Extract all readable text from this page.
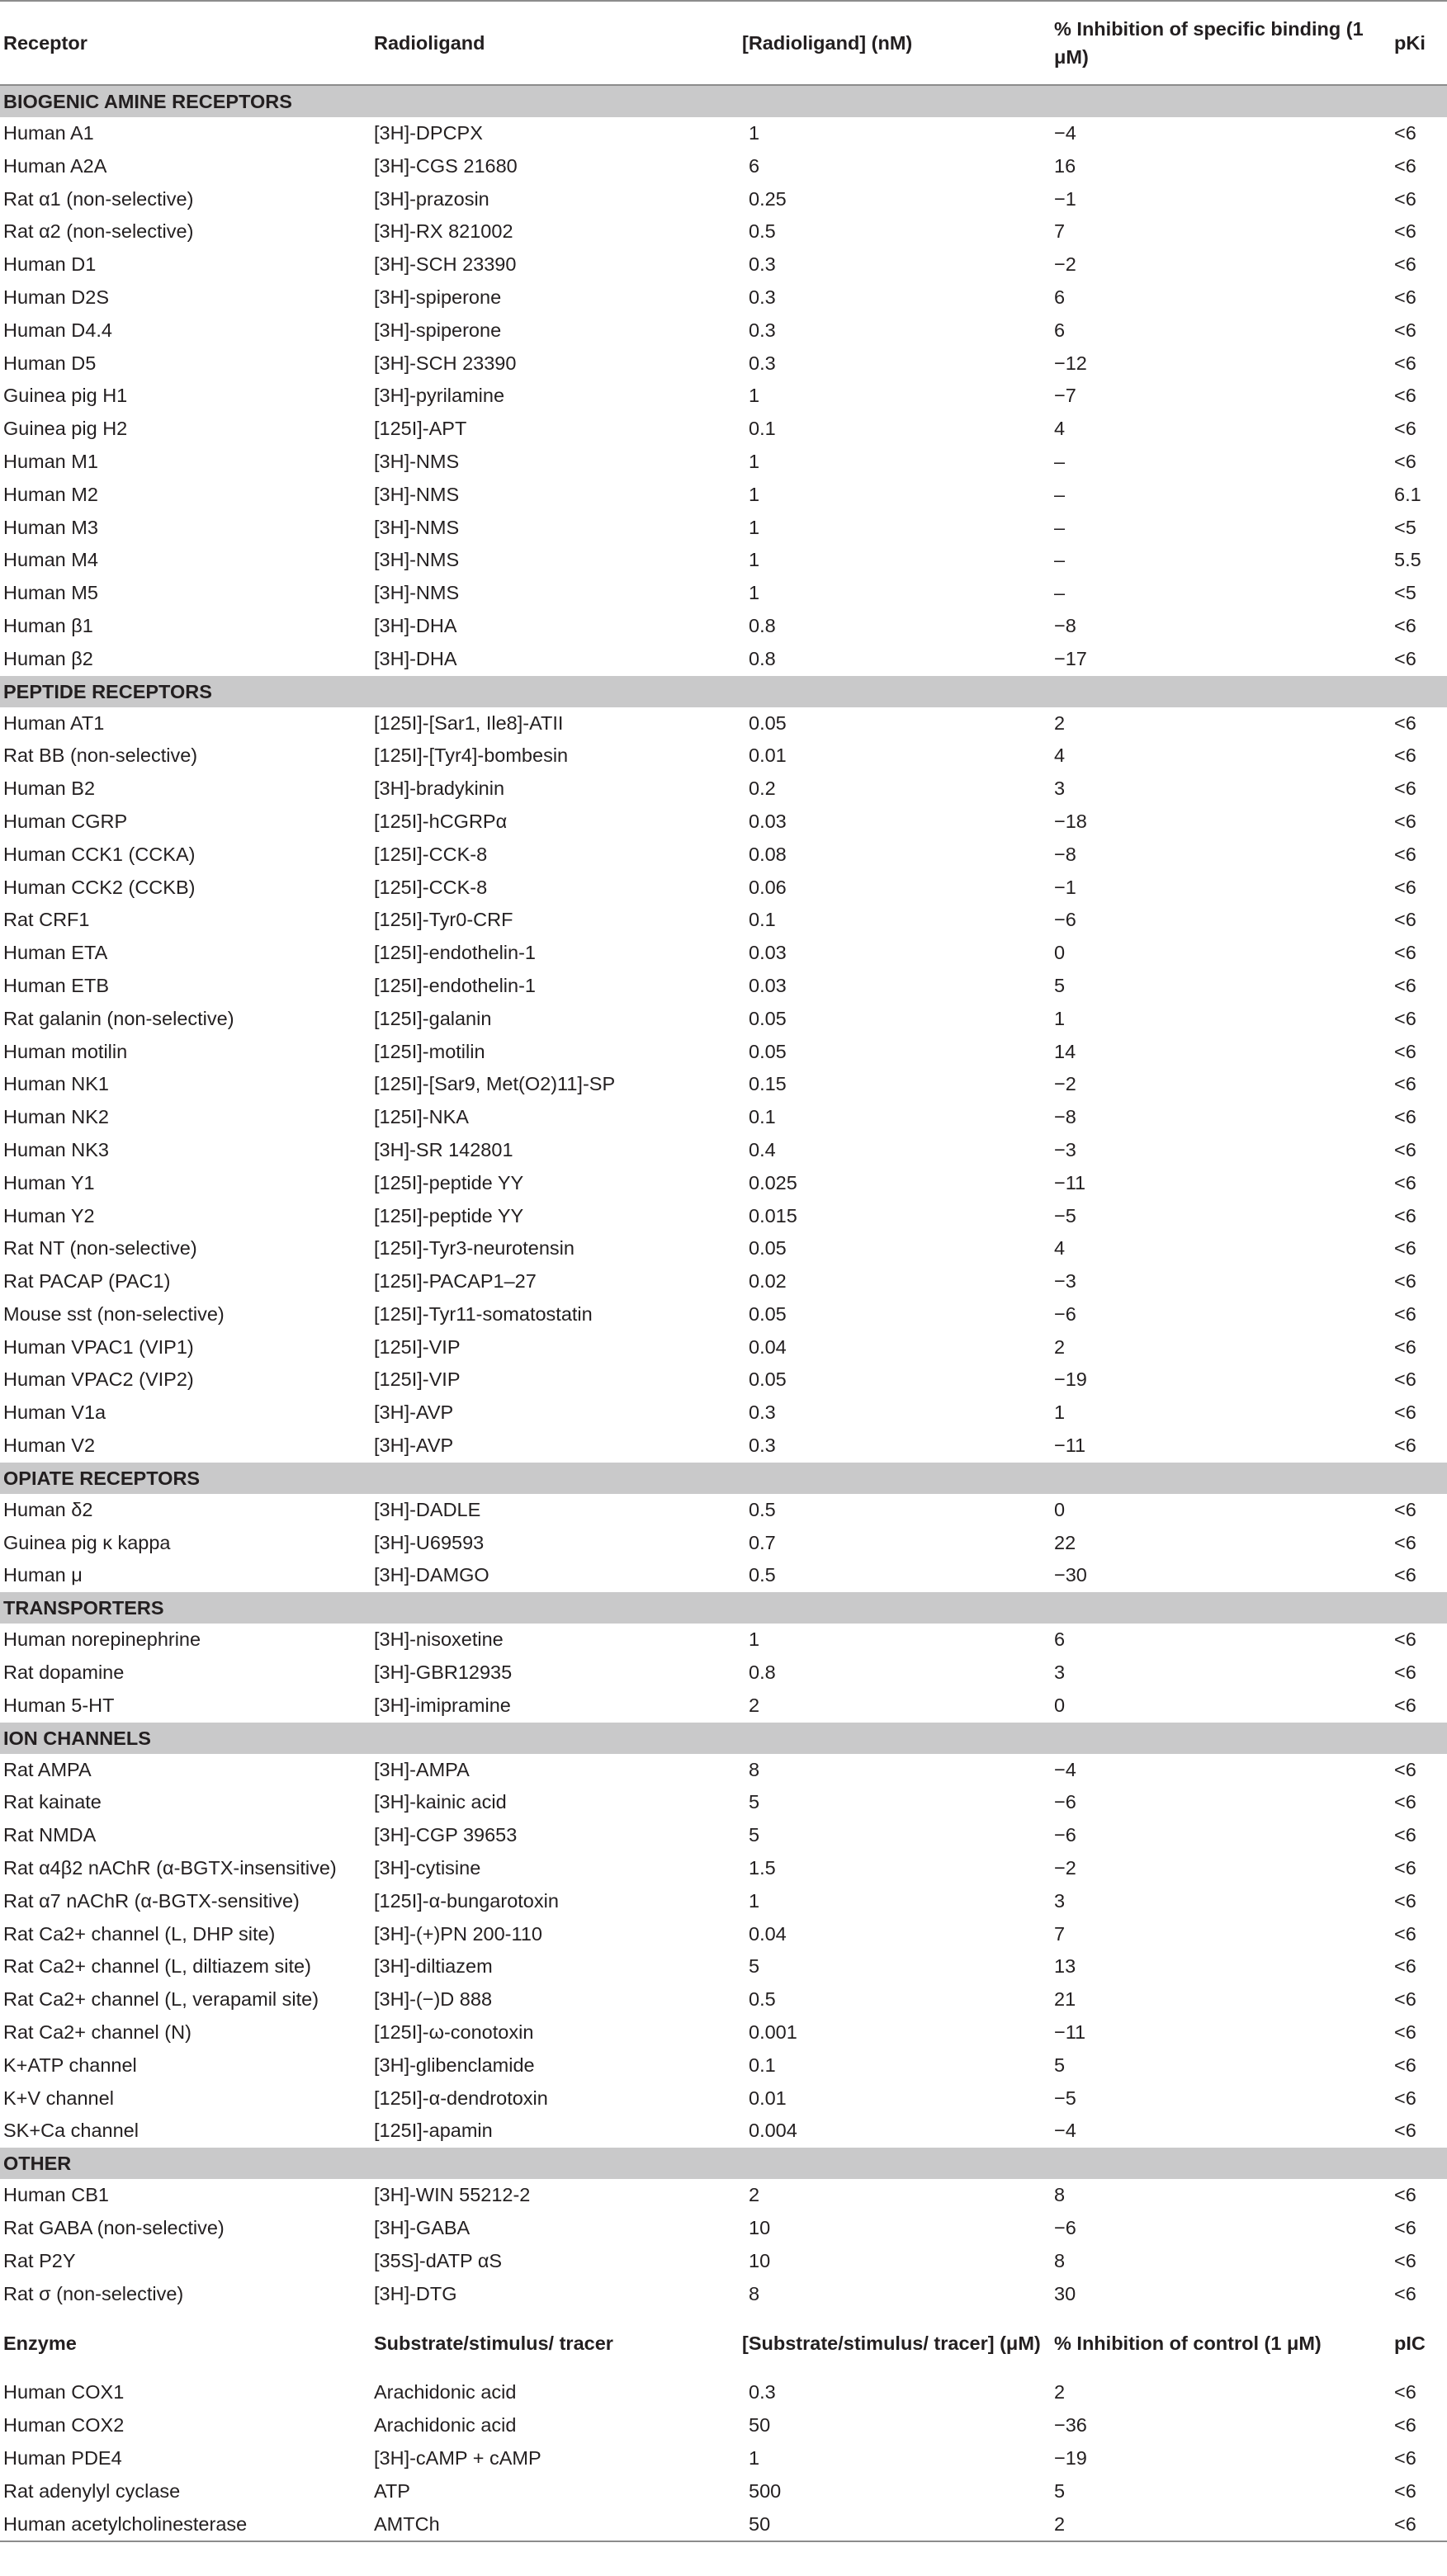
Receptor	Radioligand	[Radioligand] (nM)	% Inhibition of specific binding (1 μM)	pKi
BIOGENIC AMINE RECEPTORS				
Human A1	[3H]-DPCPX	1	−4	<6
Human A2A	[3H]-CGS 21680	6	16	<6
Rat α1 (non-selective)	[3H]-prazosin	0.25	−1	<6
Rat α2 (non-selective)	[3H]-RX 821002	0.5	7	<6
Human D1	[3H]-SCH 23390	0.3	−2	<6
Human D2S	[3H]-spiperone	0.3	6	<6
Human D4.4	[3H]-spiperone	0.3	6	<6
Human D5	[3H]-SCH 23390	0.3	−12	<6
Guinea pig H1	[3H]-pyrilamine	1	−7	<6
Guinea pig H2	[125I]-APT	0.1	4	<6
Human M1	[3H]-NMS	1	–	<6
Human M2	[3H]-NMS	1	–	6.1
Human M3	[3H]-NMS	1	–	<5
Human M4	[3H]-NMS	1	–	5.5
Human M5	[3H]-NMS	1	–	<5
Human β1	[3H]-DHA	0.8	−8	<6
Human β2	[3H]-DHA	0.8	−17	<6
PEPTIDE RECEPTORS				
Human AT1	[125I]-[Sar1, Ile8]-ATII	0.05	2	<6
Rat BB (non-selective)	[125I]-[Tyr4]-bombesin	0.01	4	<6
Human B2	[3H]-bradykinin	0.2	3	<6
Human CGRP	[125I]-hCGRPα	0.03	−18	<6
Human CCK1 (CCKA)	[125I]-CCK-8	0.08	−8	<6
Human CCK2 (CCKB)	[125I]-CCK-8	0.06	−1	<6
Rat CRF1	[125I]-Tyr0-CRF	0.1	−6	<6
Human ETA	[125I]-endothelin-1	0.03	0	<6
Human ETB	[125I]-endothelin-1	0.03	5	<6
Rat galanin (non-selective)	[125I]-galanin	0.05	1	<6
Human motilin	[125I]-motilin	0.05	14	<6
Human NK1	[125I]-[Sar9, Met(O2)11]-SP	0.15	−2	<6
Human NK2	[125I]-NKA	0.1	−8	<6
Human NK3	[3H]-SR 142801	0.4	−3	<6
Human Y1	[125I]-peptide YY	0.025	−11	<6
Human Y2	[125I]-peptide YY	0.015	−5	<6
Rat NT (non-selective)	[125I]-Tyr3-neurotensin	0.05	4	<6
Rat PACAP (PAC1)	[125I]-PACAP1–27	0.02	−3	<6
Mouse sst (non-selective)	[125I]-Tyr11-somatostatin	0.05	−6	<6
Human VPAC1 (VIP1)	[125I]-VIP	0.04	2	<6
Human VPAC2 (VIP2)	[125I]-VIP	0.05	−19	<6
Human V1a	[3H]-AVP	0.3	1	<6
Human V2	[3H]-AVP	0.3	−11	<6
OPIATE RECEPTORS				
Human δ2	[3H]-DADLE	0.5	0	<6
Guinea pig κ kappa	[3H]-U69593	0.7	22	<6
Human μ	[3H]-DAMGO	0.5	−30	<6
TRANSPORTERS				
Human norepinephrine	[3H]-nisoxetine	1	6	<6
Rat dopamine	[3H]-GBR12935	0.8	3	<6
Human 5-HT	[3H]-imipramine	2	0	<6
ION CHANNELS				
Rat AMPA	[3H]-AMPA	8	−4	<6
Rat kainate	[3H]-kainic acid	5	−6	<6
Rat NMDA	[3H]-CGP 39653	5	−6	<6
Rat α4β2 nAChR (α-BGTX-insensitive)	[3H]-cytisine	1.5	−2	<6
Rat α7 nAChR (α-BGTX-sensitive)	[125I]-α-bungarotoxin	1	3	<6
Rat Ca2+ channel (L, DHP site)	[3H]-(+)PN 200-110	0.04	7	<6
Rat Ca2+ channel (L, diltiazem site)	[3H]-diltiazem	5	13	<6
Rat Ca2+ channel (L, verapamil site)	[3H]-(−)D 888	0.5	21	<6
Rat Ca2+ channel (N)	[125I]-ω-conotoxin	0.001	−11	<6
K+ATP channel	[3H]-glibenclamide	0.1	5	<6
K+V channel	[125I]-α-dendrotoxin	0.01	−5	<6
SK+Ca channel	[125I]-apamin	0.004	−4	<6
OTHER				
Human CB1	[3H]-WIN 55212-2	2	8	<6
Rat GABA (non-selective)	[3H]-GABA	10	−6	<6
Rat P2Y	[35S]-dATP αS	10	8	<6
Rat σ (non-selective)	[3H]-DTG	8	30	<6
Enzyme	Substrate/stimulus/ tracer	[Substrate/stimulus/ tracer] (μM)	% Inhibition of control (1 μM)	pIC
Human COX1	Arachidonic acid	0.3	2	<6
Human COX2	Arachidonic acid	50	−36	<6
Human PDE4	[3H]-cAMP + cAMP	1	−19	<6
Rat adenylyl cyclase	ATP	500	5	<6
Human acetylcholinesterase	AMTCh	50	2	<6
